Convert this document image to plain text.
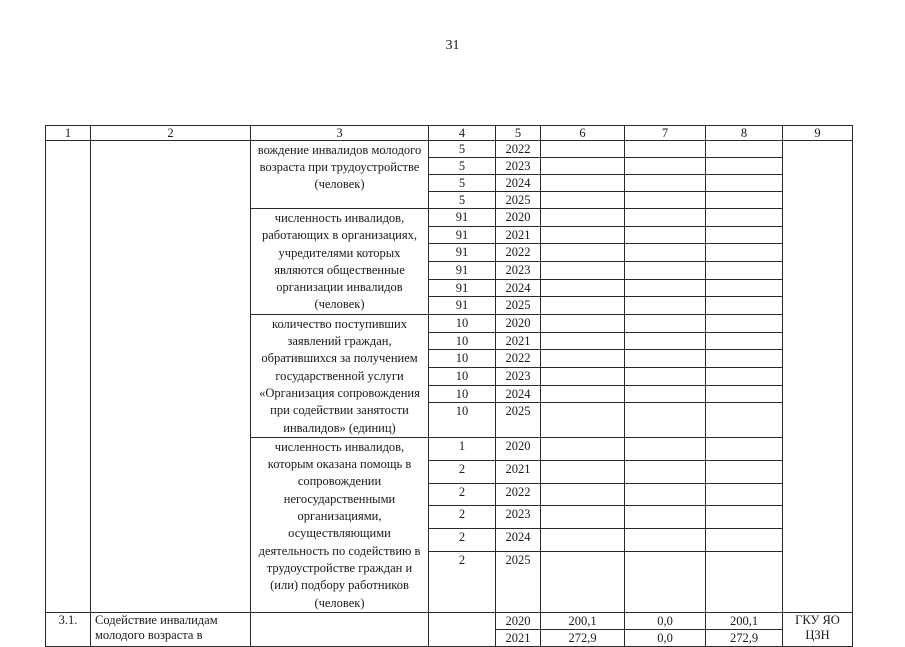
31
1	2	3	4	5	6	7	8	9
		вождение инвалидов молодого возраста при трудоустройстве (человек)	5	2022				
			5	2023				
			5	2024				
			5	2025				
		численность инвалидов, работающих в организациях, учредителями которых являются общественные организации инвалидов (человек)	91	2020				
			91	2021				
			91	2022				
			91	2023				
			91	2024				
			91	2025				
		количество поступивших заявлений граждан, обратившихся за получением государственной услуги «Организация сопровождения при содействии занятости инвалидов» (единиц)	10	2020				
			10	2021				
			10	2022				
			10	2023				
			10	2024				
			10	2025				
		численность инвалидов, которым оказана помощь в сопровождении негосударственными организациями, осуществляющими деятельность по содействию в трудоустройстве граждан и (или) подбору работников (человек)	1	2020				
			2	2021				
			2	2022				
			2	2023				
			2	2024				
			2	2025				
3.1.	Содействие инвалидам молодого возраста в			2020	200,1	0,0	200,1	ГКУ ЯО ЦЗН
				2021	272,9	0,0	272,9	
